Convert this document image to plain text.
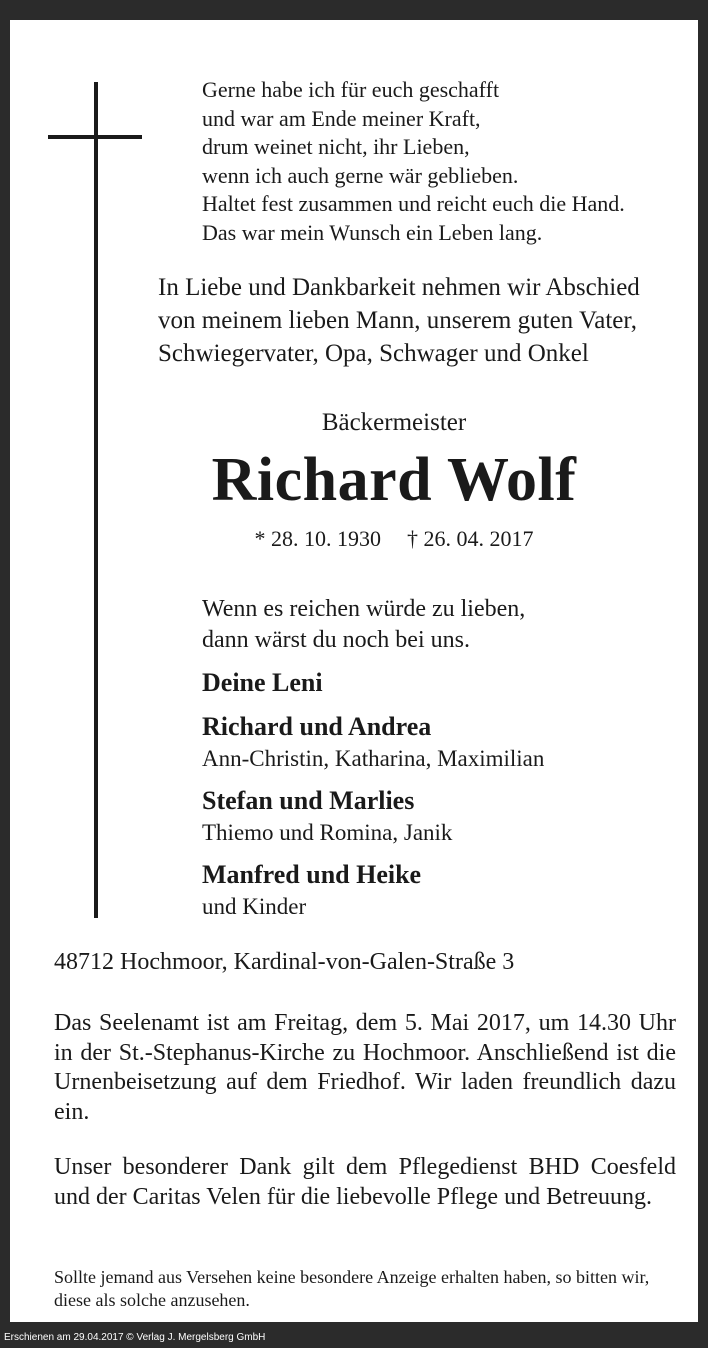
Gerne habe ich für euch geschafft
und war am Ende meiner Kraft,
drum weinet nicht, ihr Lieben,
wenn ich auch gerne wär geblieben.
Haltet fest zusammen und reicht euch die Hand.
Das war mein Wunsch ein Leben lang.
In Liebe und Dankbarkeit nehmen wir Abschied
von meinem lieben Mann, unserem guten Vater,
Schwiegervater, Opa, Schwager und Onkel
Bäckermeister
Richard Wolf
* 28. 10. 1930 † 26. 04. 2017
Wenn es reichen würde zu lieben,
dann wärst du noch bei uns.
Deine Leni
Richard und Andrea
Ann-Christin, Katharina, Maximilian
Stefan und Marlies
Thiemo und Romina, Janik
Manfred und Heike
und Kinder
48712 Hochmoor, Kardinal-von-Galen-Straße 3
Das Seelenamt ist am Freitag, dem 5. Mai 2017, um 14.30 Uhr in der St.-Stephanus-Kirche zu Hochmoor. Anschließend ist die Urnenbeisetzung auf dem Friedhof. Wir laden freundlich dazu ein.
Unser besonderer Dank gilt dem Pflegedienst BHD Coesfeld und der Caritas Velen für die liebevolle Pflege und Betreuung.
Sollte jemand aus Versehen keine besondere Anzeige erhalten haben, so bitten wir, diese als solche anzusehen.
Erschienen am 29.04.2017 © Verlag J. Mergelsberg GmbH
